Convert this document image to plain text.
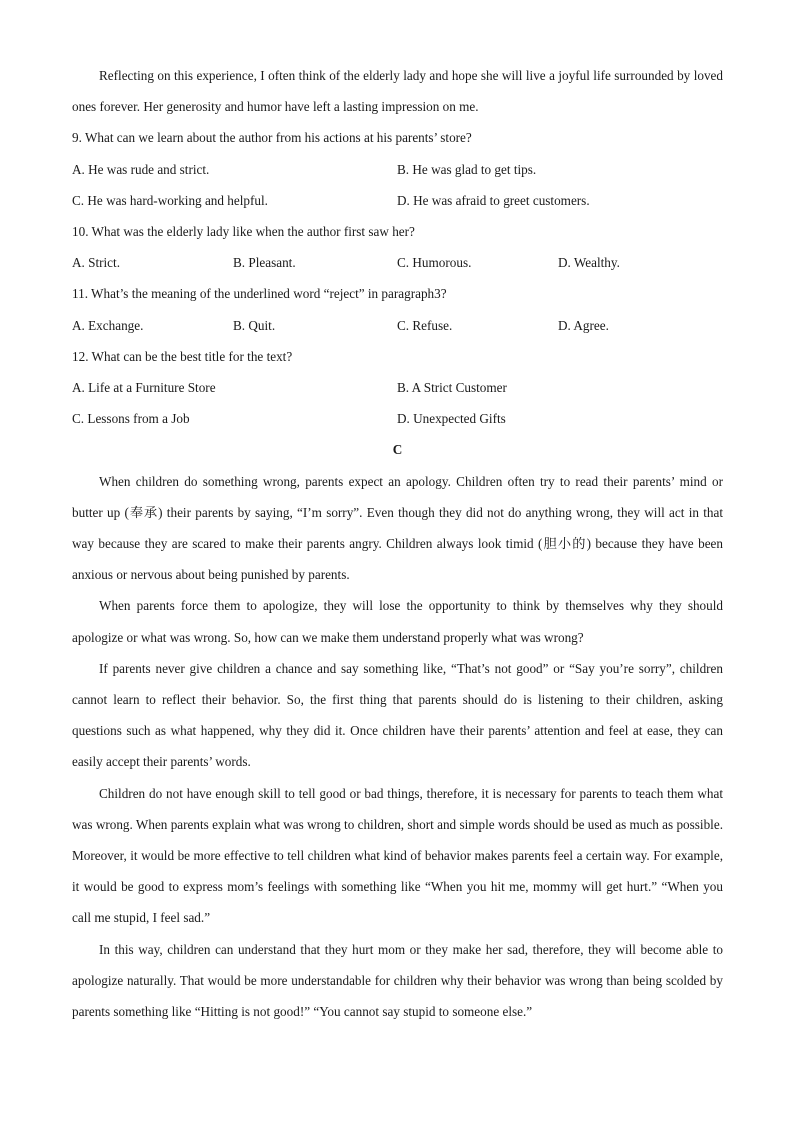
Reflecting on this experience, I often think of the elderly lady and hope she will live a joyful life surrounded by loved ones forever. Her generosity and humor have left a lasting impression on me.

9. What can we learn about the author from his actions at his parents’ store?

A. He was rude and strict.	B. He was glad to get tips.
C. He was hard-working and helpful.	D. He was afraid to greet customers.

10. What was the elderly lady like when the author first saw her?

A. Strict.	B. Pleasant.	C. Humorous.	D. Wealthy.

11. What’s the meaning of the underlined word “reject” in paragraph3?

A. Exchange.	B. Quit.	C. Refuse.	D. Agree.

12. What can be the best title for the text?

A. Life at a Furniture Store	B. A Strict Customer
C. Lessons from a Job	D. Unexpected Gifts

C

When children do something wrong, parents expect an apology. Children often try to read their parents’ mind or butter up (奉承) their parents by saying, “I’m sorry”. Even though they did not do anything wrong, they will act in that way because they are scared to make their parents angry. Children always look timid (胆小的) because they have been anxious or nervous about being punished by parents.

When parents force them to apologize, they will lose the opportunity to think by themselves why they should apologize or what was wrong. So, how can we make them understand properly what was wrong?

If parents never give children a chance and say something like, “That’s not good” or “Say you’re sorry”, children cannot learn to reflect their behavior. So, the first thing that parents should do is listening to their children, asking questions such as what happened, why they did it. Once children have their parents’ attention and feel at ease, they can easily accept their parents’ words.

Children do not have enough skill to tell good or bad things, therefore, it is necessary for parents to teach them what was wrong. When parents explain what was wrong to children, short and simple words should be used as much as possible. Moreover, it would be more effective to tell children what kind of behavior makes parents feel a certain way. For example, it would be good to express mom’s feelings with something like “When you hit me, mommy will get hurt.” “When you call me stupid, I feel sad.”

In this way, children can understand that they hurt mom or they make her sad, therefore, they will become able to apologize naturally. That would be more understandable for children why their behavior was wrong than being scolded by parents something like “Hitting is not good!” “You cannot say stupid to someone else.”
